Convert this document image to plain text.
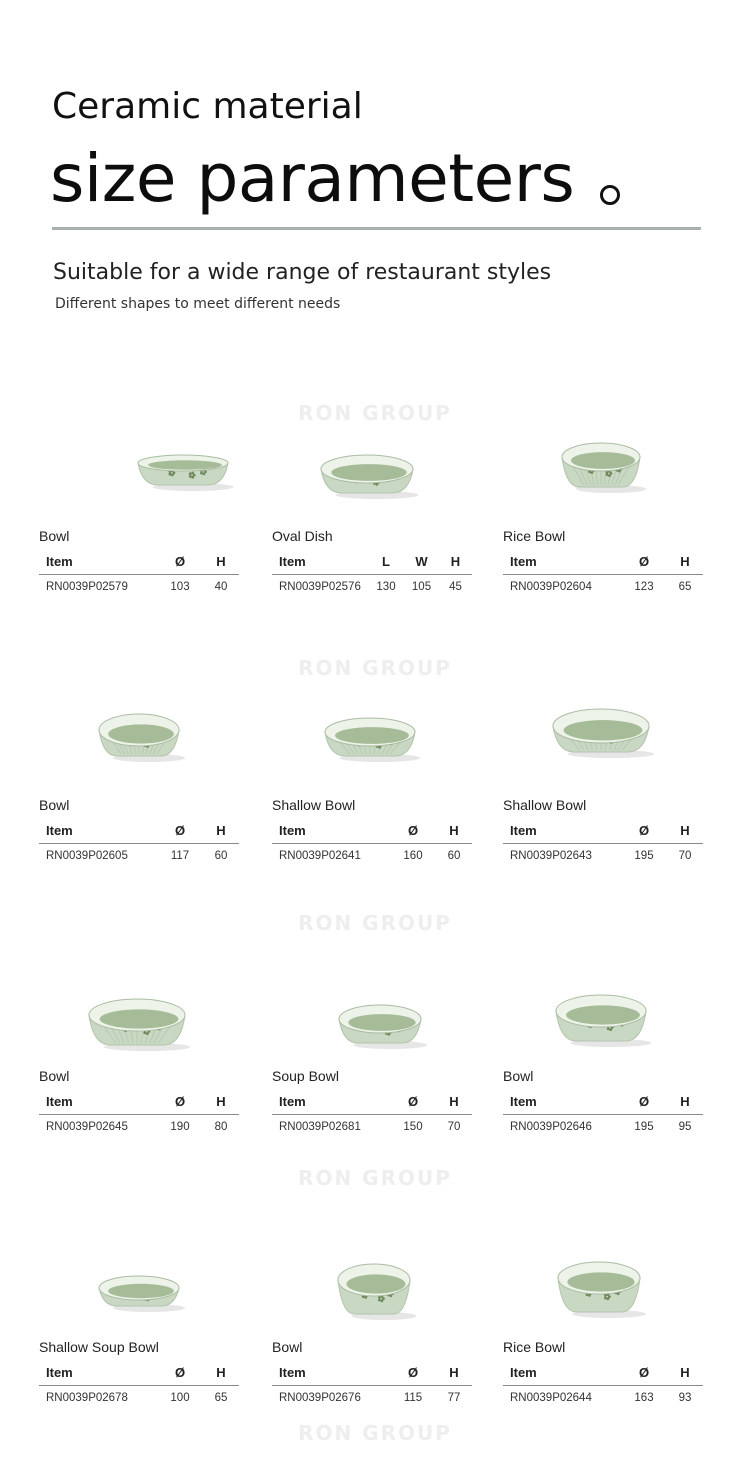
RON GROUP
RON GROUP
RON GROUP
RON GROUP
RON GROUP
Ceramic material
size parameters
Suitable for a wide range of restaurant styles
Different shapes to meet different needs
Bowl
Item	Ø	H
RN0039P02579	103	40
Oval Dish
Item	L	W	H
RN0039P02576	130	105	45
Rice Bowl
Item	Ø	H
RN0039P02604	123	65
Bowl
Item	Ø	H
RN0039P02605	117	60
Shallow Bowl
Item	Ø	H
RN0039P02641	160	60
Shallow Bowl
Item	Ø	H
RN0039P02643	195	70
Bowl
Item	Ø	H
RN0039P02645	190	80
Soup Bowl
Item	Ø	H
RN0039P02681	150	70
Bowl
Item	Ø	H
RN0039P02646	195	95
Shallow Soup Bowl
Item	Ø	H
RN0039P02678	100	65
Bowl
Item	Ø	H
RN0039P02676	115	77
Rice Bowl
Item	Ø	H
RN0039P02644	163	93
